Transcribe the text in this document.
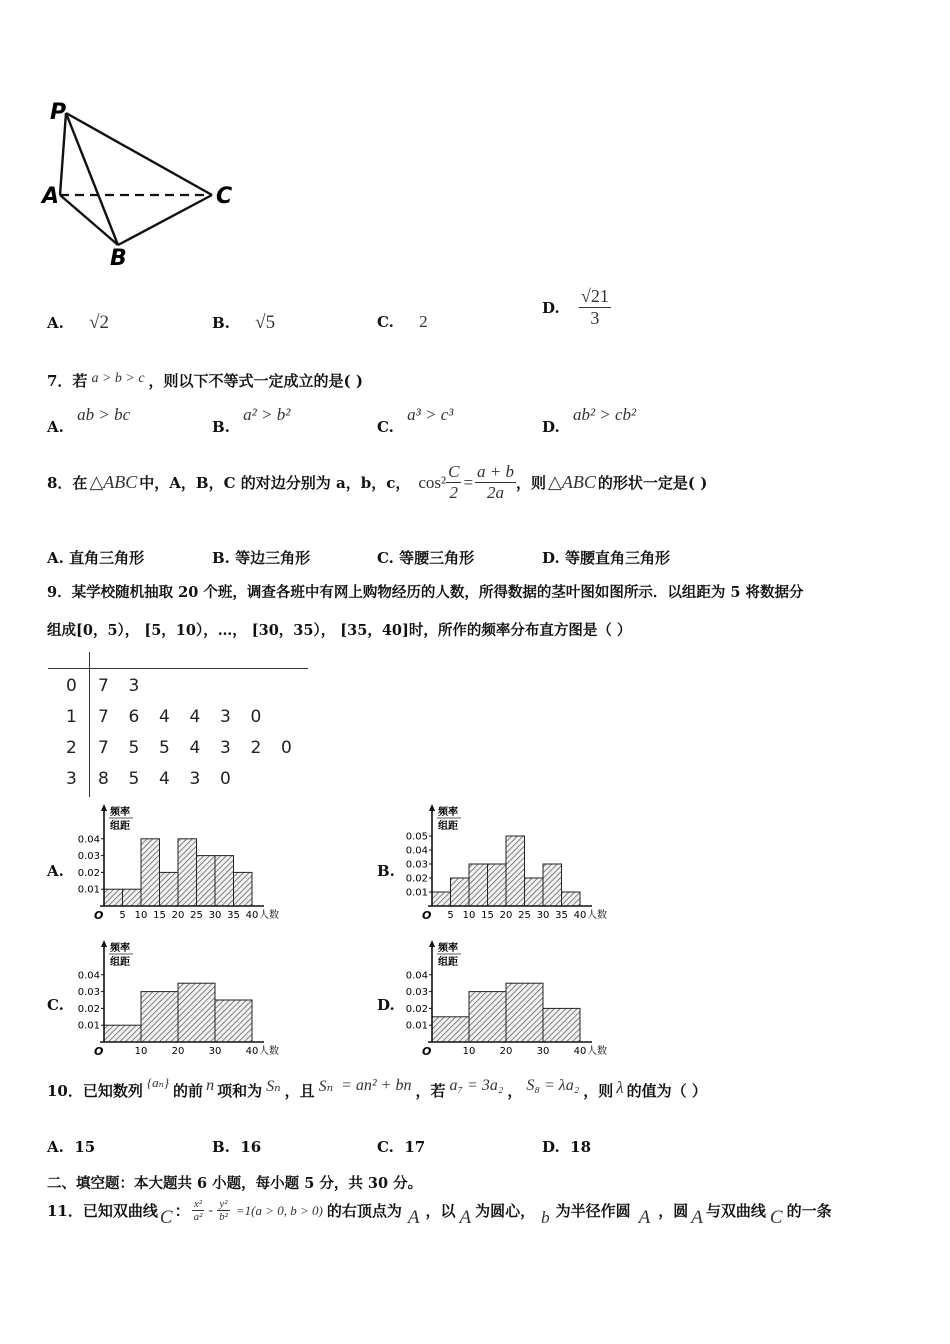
P
A
B
C
A. √2	B. √5	C. 2
D. $\frac{√21}{3}$
7．若 a > b > c ，则以下不等式一定成立的是( )
A. ab > bc
B. a² > b²
C. a³ > c³
D. ab² > cb²
8．在 △ABC 中，A，B，C 的对边分别为 a，b，c， $\cos^2 \frac{C}{2} = \frac{a + b}{2a}$ ，则 △ABC 的形状一定是( )
A. 直角三角形	B. 等边三角形	C. 等腰三角形	D. 等腰直角三角形
9．某学校随机抽取 20 个班，调查各班中有网上购物经历的人数，所得数据的茎叶图如图所示．以组距为 5 将数据分
组成[0，5）， [5，10），…， [30，35）， [35，40]时，所作的频率分布直方图是（ ）
0 7 3
1 7 6 4 4 3 0
2 7 5 5 4 3 2 0
3 8 5 4 3 0
A.
频率
组距
0.01
0.02
0.03
0.04
O 5 10 15 20 25 30 35 40 人数
B.
频率
组距
0.01
0.02
0.03
0.04
0.05
O 5 10 15 20 25 30 35 40 人数
C.
频率
组距
0.01
0.02
0.03
0.04
O	10 20 30 40 人数
D.
频率
组距
0.01
0.02
0.03
0.04
O	10 20 30 40 人数
10．已知数列 {aₙ} 的前 n 项和为 Sₙ ，且 Sₙ = an² + bn ，若 a₇ = 3a₂ ， S₈ = λa₂ ，则 λ 的值为（ ）
A. 15	B. 16	C. 17	D. 18
二、填空题：本大题共 6 小题，每小题 5 分，共 30 分。
11．已知双曲线 C ： $\frac{\text{x²}}{\text{a²}} - \frac{\text{y²}}{\text{b²}} =1(a > 0$, b > 0) 的右顶点为 A ，以 A 为圆心， b 为半径作圆 A ，圆 A 与双曲线 C 的一条
